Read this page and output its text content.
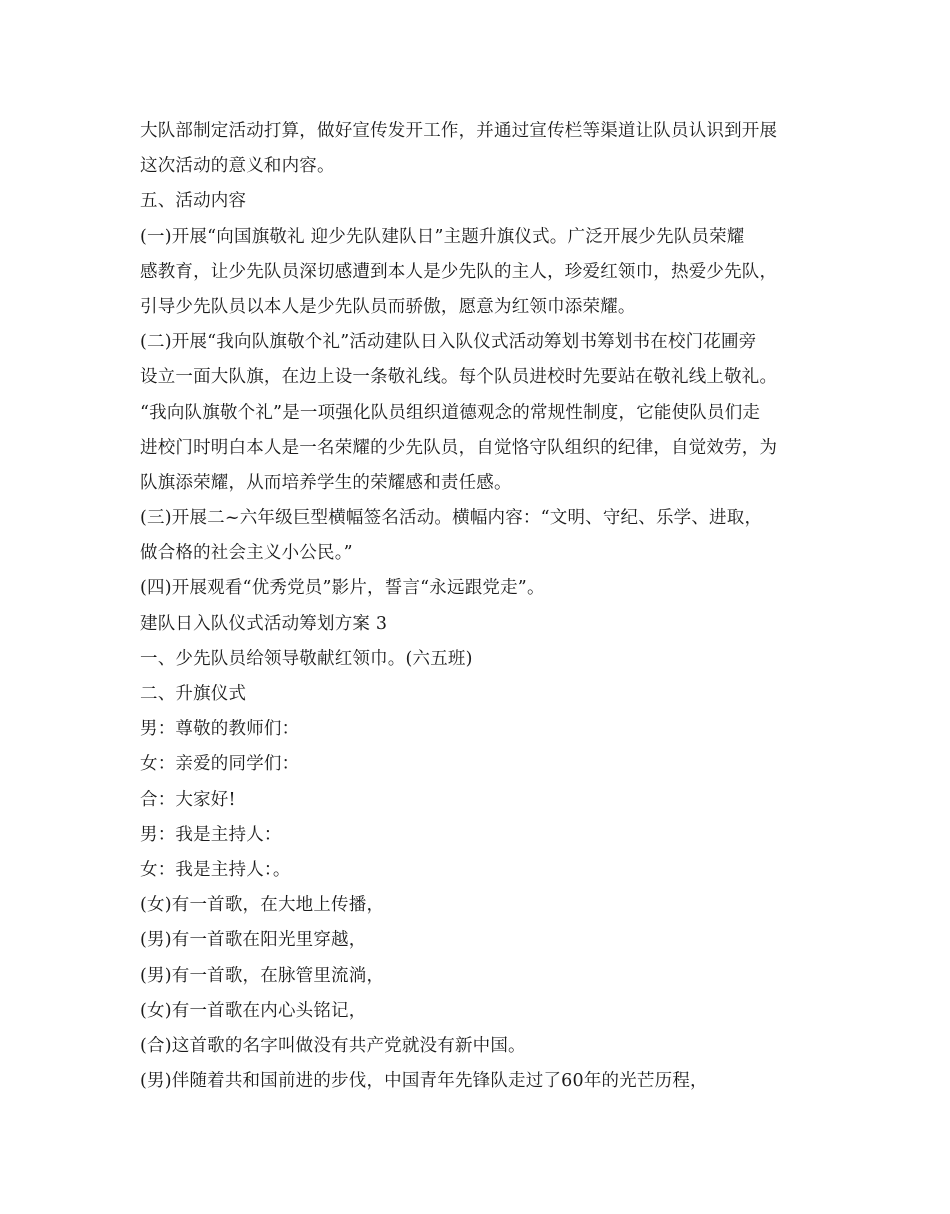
大队部制定活动打算，做好宣传发开工作，并通过宣传栏等渠道让队员认识到开展
这次活动的意义和内容。
五、活动内容
(一)开展“向国旗敬礼 迎少先队建队日”主题升旗仪式。广泛开展少先队员荣耀
感教育，让少先队员深切感遭到本人是少先队的主人，珍爱红领巾，热爱少先队，
引导少先队员以本人是少先队员而骄傲，愿意为红领巾添荣耀。
(二)开展“我向队旗敬个礼”活动建队日入队仪式活动筹划书筹划书在校门花圃旁
设立一面大队旗，在边上设一条敬礼线。每个队员进校时先要站在敬礼线上敬礼。
“我向队旗敬个礼”是一项强化队员组织道德观念的常规性制度，它能使队员们走
进校门时明白本人是一名荣耀的少先队员，自觉恪守队组织的纪律，自觉效劳，为
队旗添荣耀，从而培养学生的荣耀感和责任感。
(三)开展二~六年级巨型横幅签名活动。横幅内容：“文明、守纪、乐学、进取，
做合格的社会主义小公民。”
(四)开展观看“优秀党员”影片，誓言“永远跟党走”。
建队日入队仪式活动筹划方案 3
一、少先队员给领导敬献红领巾。(六五班)
二、升旗仪式
男：尊敬的教师们：
女：亲爱的同学们：
合：大家好!
男：我是主持人：
女：我是主持人：。
(女)有一首歌，在大地上传播，
(男)有一首歌在阳光里穿越，
(男)有一首歌，在脉管里流淌，
(女)有一首歌在内心头铭记，
(合)这首歌的名字叫做没有共产党就没有新中国。
(男)伴随着共和国前进的步伐，中国青年先锋队走过了60年的光芒历程，
